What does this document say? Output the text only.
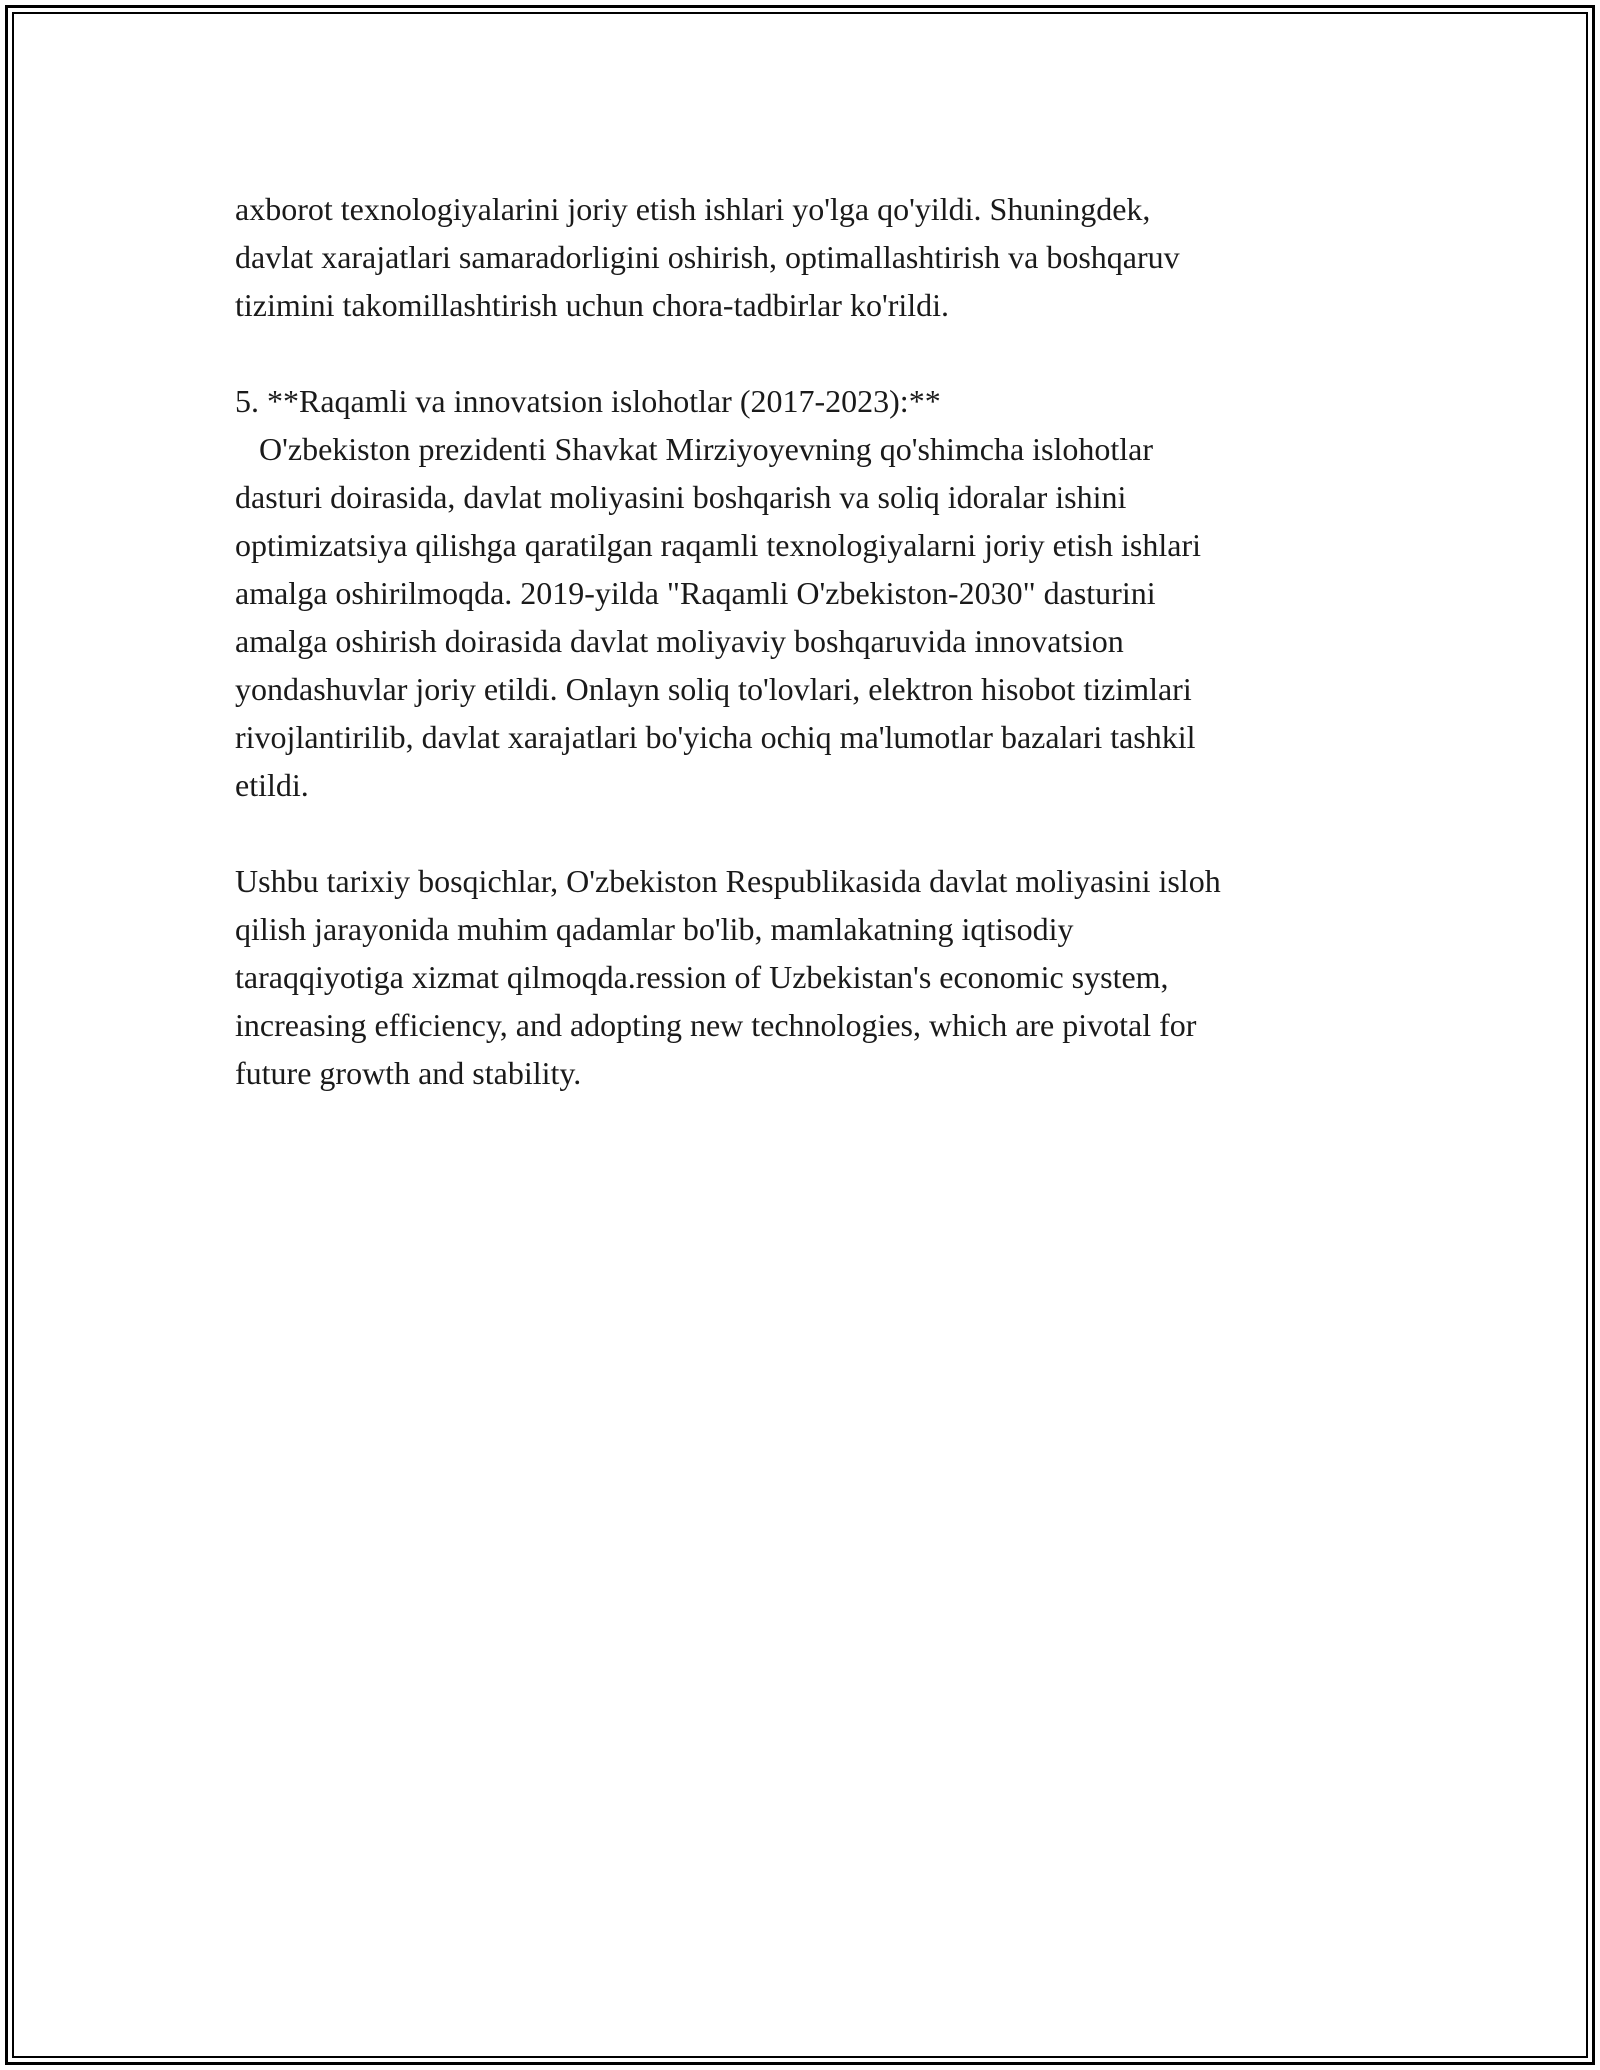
axborot texnologiyalarini joriy etish ishlari yo'lga qo'yildi. Shuningdek,
davlat xarajatlari samaradorligini oshirish, optimallashtirish va boshqaruv
tizimini takomillashtirish uchun chora-tadbirlar ko'rildi.
5. **Raqamli va innovatsion islohotlar (2017-2023):**
O'zbekiston prezidenti Shavkat Mirziyoyevning qo'shimcha islohotlar
dasturi doirasida, davlat moliyasini boshqarish va soliq idoralar ishini
optimizatsiya qilishga qaratilgan raqamli texnologiyalarni joriy etish ishlari
amalga oshirilmoqda. 2019-yilda "Raqamli O'zbekiston-2030" dasturini
amalga oshirish doirasida davlat moliyaviy boshqaruvida innovatsion
yondashuvlar joriy etildi. Onlayn soliq to'lovlari, elektron hisobot tizimlari
rivojlantirilib, davlat xarajatlari bo'yicha ochiq ma'lumotlar bazalari tashkil
etildi.
Ushbu tarixiy bosqichlar, O'zbekiston Respublikasida davlat moliyasini isloh
qilish jarayonida muhim qadamlar bo'lib, mamlakatning iqtisodiy
taraqqiyotiga xizmat qilmoqda.ression of Uzbekistan's economic system,
increasing efficiency, and adopting new technologies, which are pivotal for
future growth and stability.
